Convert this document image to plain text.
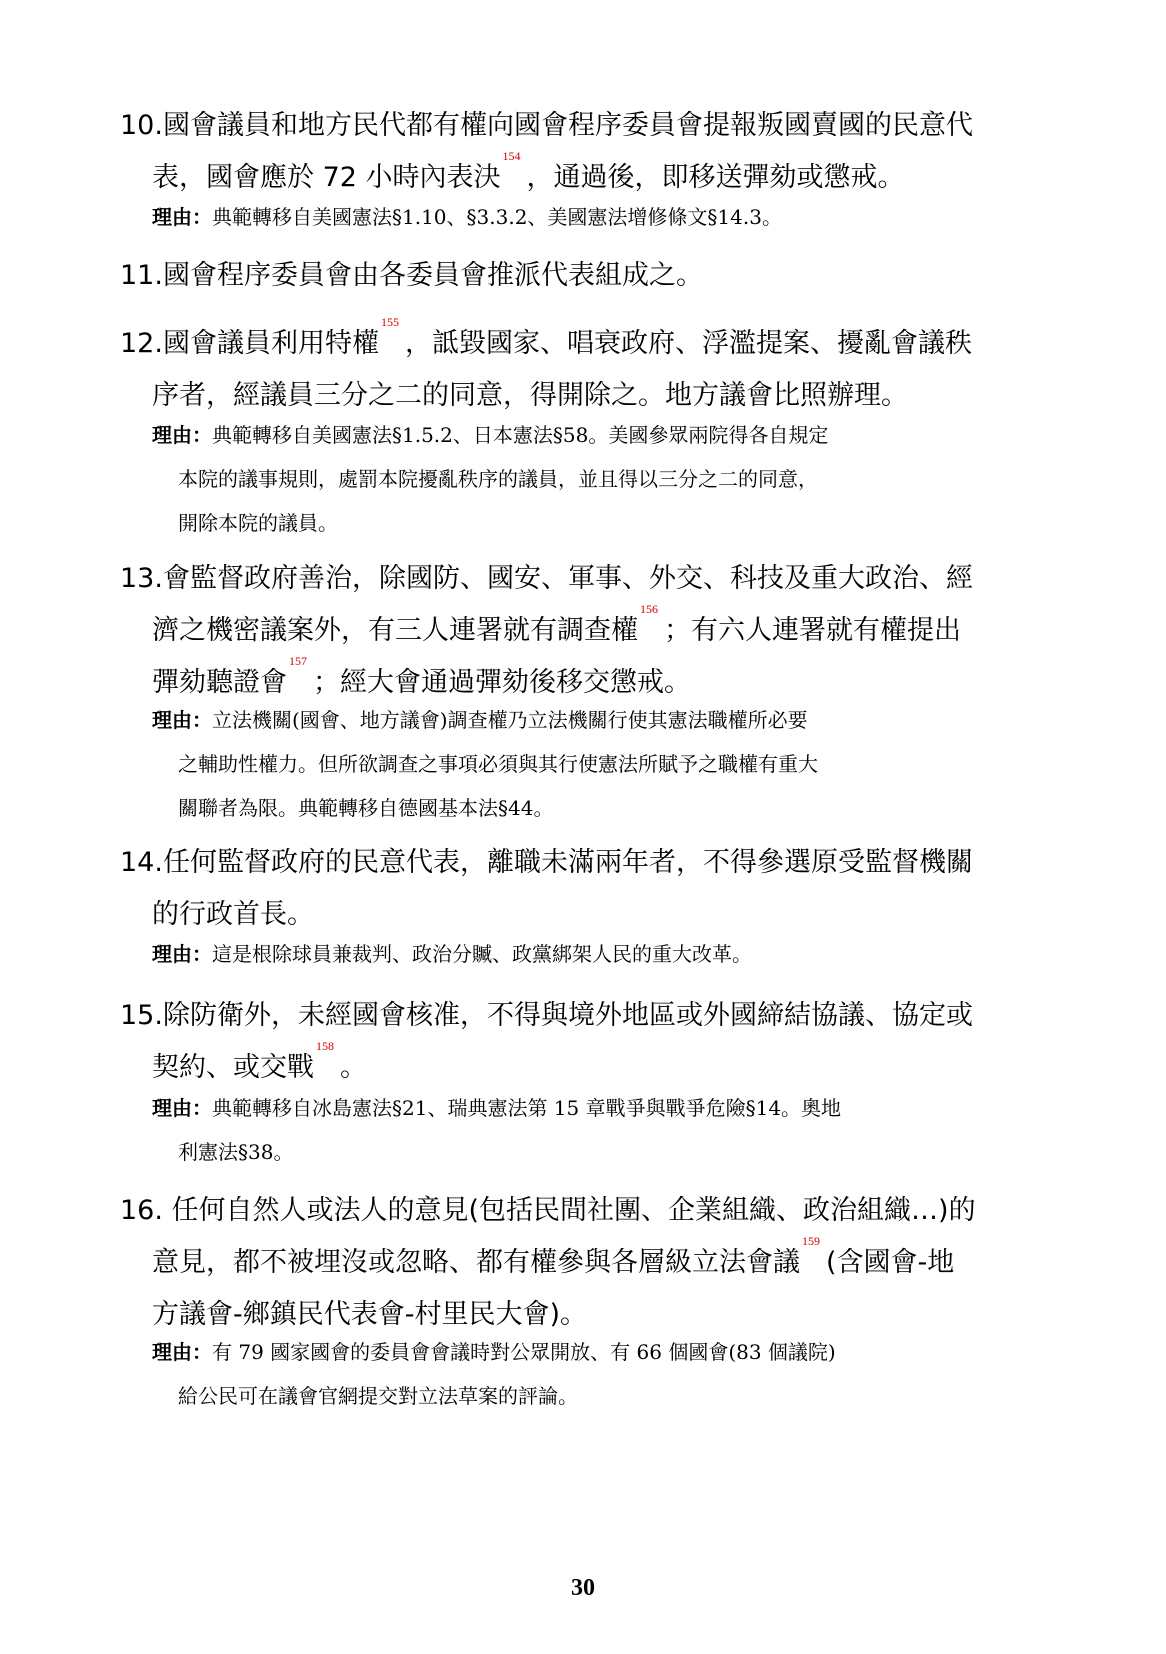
10.國會議員和地方民代都有權向國會程序委員會提報叛國賣國的民意代
表，國會應於 72 小時內表決$^{154}$，通過後，即移送彈劾或懲戒。
理由：典範轉移自美國憲法§1.10、§3.3.2、美國憲法增修條文§14.3。
11.國會程序委員會由各委員會推派代表組成之。
12.國會議員利用特權$^{155}$，詆毀國家、唱衰政府、浮濫提案、擾亂會議秩
序者，經議員三分之二的同意，得開除之。地方議會比照辦理。
理由：典範轉移自美國憲法§1.5.2、日本憲法§58。美國參眾兩院得各自規定
本院的議事規則，處罰本院擾亂秩序的議員，並且得以三分之二的同意，
開除本院的議員。
13.會監督政府善治，除國防、國安、軍事、外交、科技及重大政治、經
濟之機密議案外，有三人連署就有調查權$^{156}$；有六人連署就有權提出
彈劾聽證會$^{157}$；經大會通過彈劾後移交懲戒。
理由：立法機關(國會、地方議會)調查權乃立法機關行使其憲法職權所必要
之輔助性權力。但所欲調查之事項必須與其行使憲法所賦予之職權有重大
關聯者為限。典範轉移自德國基本法§44。
14.任何監督政府的民意代表，離職未滿兩年者，不得參選原受監督機關
的行政首長。
理由：這是根除球員兼裁判、政治分贓、政黨綁架人民的重大改革。
15.除防衛外，未經國會核准，不得與境外地區或外國締結協議、協定或
契約、或交戰$^{158}$。
理由：典範轉移自冰島憲法§21、瑞典憲法第 15 章戰爭與戰爭危險§14。奧地
利憲法§38。
16. 任何自然人或法人的意見(包括民間社團、企業組織、政治組織…)的
意見，都不被埋沒或忽略、都有權參與各層級立法會議$^{159}$(含國會-地
方議會-鄉鎮民代表會-村里民大會)。
理由：有 79 國家國會的委員會會議時對公眾開放、有 66 個國會(83 個議院)
給公民可在議會官網提交對立法草案的評論。
30
